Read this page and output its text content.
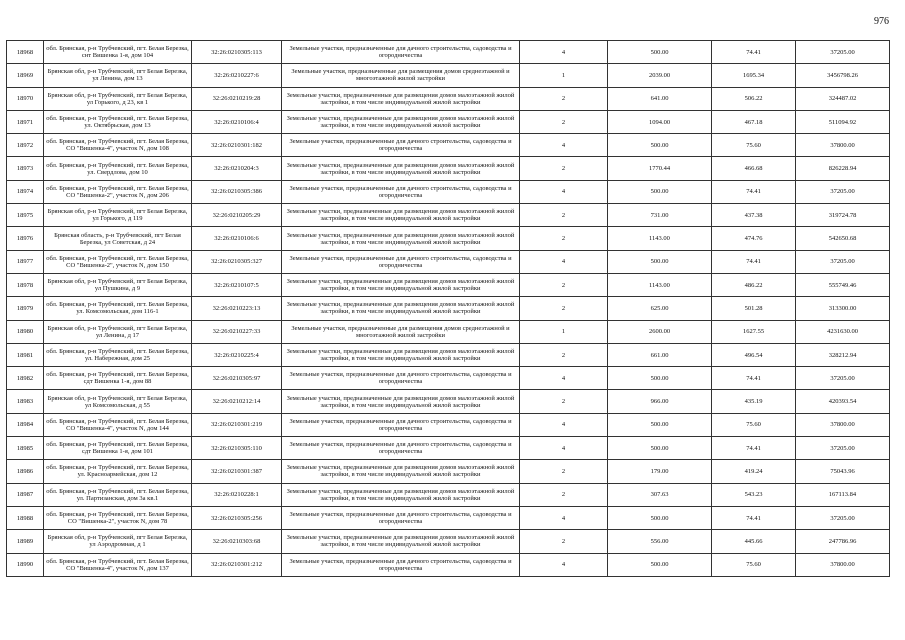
976
18968	обл. Брянская, р-н Трубчевский, пгт. Белая Березка, снт Вишенка 1-я, дом 104	32:26:0210305:113	Земельные участки, предназначенные для дачного строительства, садоводства и огородничества	4	500.00	74.41	37205.00
18969	Брянская обл, р-н Трубчевский, пгт Белая Березка, ул Ленина, дом 13	32:26:0210227:6	Земельные участки, предназначенные для размещения домов среднеэтажной и многоэтажной жилой застройки	1	2039.00	1695.34	3456798.26
18970	Брянская обл, р-н Трубчевский, пгт Белая Березка, ул Горького, д 23, кв 1	32:26:0210219:28	Земельные участки, предназначенные для размещения домов малоэтажной жилой застройки, в том числе индивидуальной жилой застройки	2	641.00	506.22	324487.02
18971	обл. Брянская, р-н Трубчевский, пгт. Белая Березка, ул. Октябрьская, дом 13	32:26:0210106:4	Земельные участки, предназначенные для размещения домов малоэтажной жилой застройки, в том числе индивидуальной жилой застройки	2	1094.00	467.18	511094.92
18972	обл. Брянская, р-н Трубчевский, пгт. Белая Березка, СО "Вишенка-4", участок N, дом 108	32:26:0210301:182	Земельные участки, предназначенные для дачного строительства, садоводства и огородничества	4	500.00	75.60	37800.00
18973	обл. Брянская, р-н Трубчевский, пгт. Белая Березка, ул. Свердлова, дом 10	32:26:0210204:3	Земельные участки, предназначенные для размещения домов малоэтажной жилой застройки, в том числе индивидуальной жилой застройки	2	1770.44	466.68	826228.94
18974	обл. Брянская, р-н Трубчевский, пгт. Белая Березка, СО "Вишенка-2", участок N, дом 206	32:26:0210305:386	Земельные участки, предназначенные для дачного строительства, садоводства и огородничества	4	500.00	74.41	37205.00
18975	Брянская обл, р-н Трубчевский, пгт Белая Березка, ул Горького, д 119	32:26:0210205:29	Земельные участки, предназначенные для размещения домов малоэтажной жилой застройки, в том числе индивидуальной жилой застройки	2	731.00	437.38	319724.78
18976	Брянская область, р-н Трубчевский, пгт Белая Березка, ул Советская, д 24	32:26:0210106:6	Земельные участки, предназначенные для размещения домов малоэтажной жилой застройки, в том числе индивидуальной жилой застройки	2	1143.00	474.76	542650.68
18977	обл. Брянская, р-н Трубчевский, пгт. Белая Березка, СО "Вишенка-2", участок N, дом 150	32:26:0210305:327	Земельные участки, предназначенные для дачного строительства, садоводства и огородничества	4	500.00	74.41	37205.00
18978	Брянская обл, р-н Трубчевский, пгт Белая Березка, ул Пушкина, д 9	32:26:0210107:5	Земельные участки, предназначенные для размещения домов малоэтажной жилой застройки, в том числе индивидуальной жилой застройки	2	1143.00	486.22	555749.46
18979	обл. Брянская, р-н Трубчевский, пгт. Белая Березка, ул. Комсомольская, дом 116-1	32:26:0210223:13	Земельные участки, предназначенные для размещения домов малоэтажной жилой застройки, в том числе индивидуальной жилой застройки	2	625.00	501.28	313300.00
18980	Брянская обл, р-н Трубчевский, пгт Белая Березка, ул Ленина, д 17	32:26:0210227:33	Земельные участки, предназначенные для размещения домов среднеэтажной и многоэтажной жилой застройки	1	2600.00	1627.55	4231630.00
18981	обл. Брянская, р-н Трубчевский, пгт. Белая Березка, ул. Набережная, дом 25	32:26:0210225:4	Земельные участки, предназначенные для размещения домов малоэтажной жилой застройки, в том числе индивидуальной жилой застройки	2	661.00	496.54	328212.94
18982	обл. Брянская, р-н Трубчевский, пгт. Белая Березка, сдт Вишенка 1-я, дом 88	32:26:0210305:97	Земельные участки, предназначенные для дачного строительства, садоводства и огородничества	4	500.00	74.41	37205.00
18983	Брянская обл, р-н Трубчевский, пгт Белая Березка, ул Комсомольская, д 55	32:26:0210212:14	Земельные участки, предназначенные для размещения домов малоэтажной жилой застройки, в том числе индивидуальной жилой застройки	2	966.00	435.19	420393.54
18984	обл. Брянская, р-н Трубчевский, пгт. Белая Березка, СО "Вишенка-4", участок N, дом 144	32:26:0210301:219	Земельные участки, предназначенные для дачного строительства, садоводства и огородничества	4	500.00	75.60	37800.00
18985	обл. Брянская, р-н Трубчевский, пгт. Белая Березка, сдт Вишенка 1-я, дом 101	32:26:0210305:110	Земельные участки, предназначенные для дачного строительства, садоводства и огородничества	4	500.00	74.41	37205.00
18986	обл. Брянская, р-н Трубчевский, пгт. Белая Березка, ул. Красноармейская, дом 12	32:26:0210301:387	Земельные участки, предназначенные для размещения домов малоэтажной жилой застройки, в том числе индивидуальной жилой застройки	2	179.00	419.24	75043.96
18987	обл. Брянская, р-н Трубчевский, пгт. Белая Березка, ул. Партизанская, дом 3а кв.1	32:26:0210228:1	Земельные участки, предназначенные для размещения домов малоэтажной жилой застройки, в том числе индивидуальной жилой застройки	2	307.63	543.23	167113.84
18988	обл. Брянская, р-н Трубчевский, пгт. Белая Березка, СО "Вишенка-2", участок N, дом 78	32:26:0210305:256	Земельные участки, предназначенные для дачного строительства, садоводства и огородничества	4	500.00	74.41	37205.00
18989	Брянская обл, р-н Трубчевский, пгт Белая Березка, ул Аэродромная, д 1	32:26:0210303:68	Земельные участки, предназначенные для размещения домов малоэтажной жилой застройки, в том числе индивидуальной жилой застройки	2	556.00	445.66	247786.96
18990	обл. Брянская, р-н Трубчевский, пгт. Белая Березка, СО "Вишенка-4", участок N, дом 137	32:26:0210301:212	Земельные участки, предназначенные для дачного строительства, садоводства и огородничества	4	500.00	75.60	37800.00
